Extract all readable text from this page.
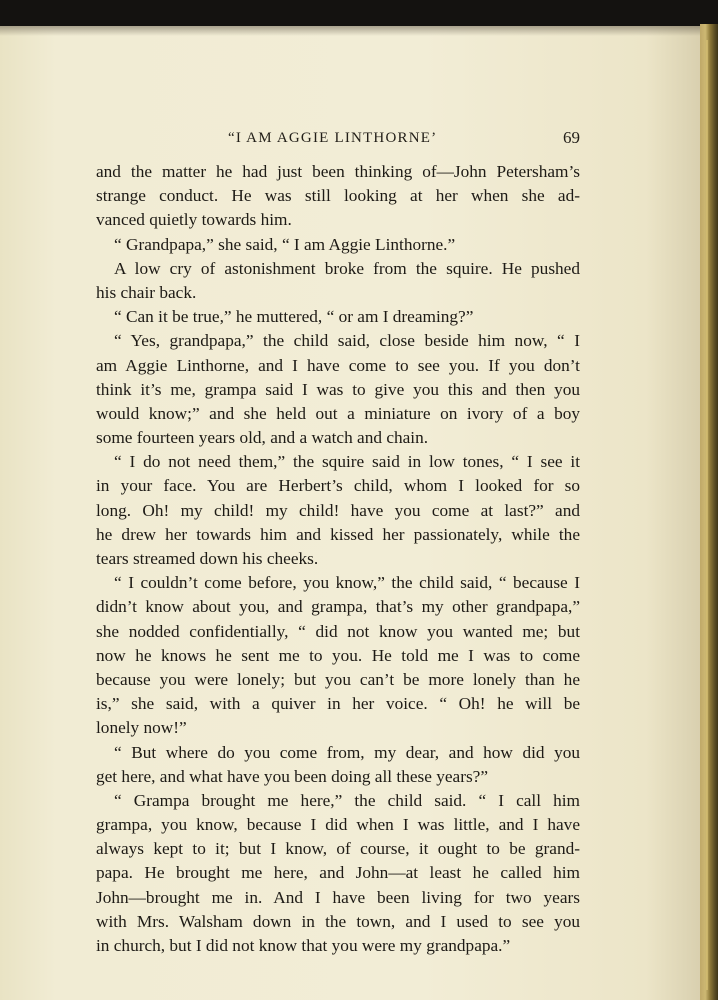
“I AM AGGIE LINTHORNE’	69
and the matter he had just been thinking of—John Petersham’s
strange conduct. He was still looking at her when she ad-
vanced quietly towards him.
“ Grandpapa,” she said, “ I am Aggie Linthorne.”
A low cry of astonishment broke from the squire. He pushed
his chair back.
“ Can it be true,” he muttered, “ or am I dreaming?”
“ Yes, grandpapa,” the child said, close beside him now, “ I
am Aggie Linthorne, and I have come to see you. If you don’t
think it’s me, grampa said I was to give you this and then you
would know;” and she held out a miniature on ivory of a boy
some fourteen years old, and a watch and chain.
“ I do not need them,” the squire said in low tones, “ I see it
in your face. You are Herbert’s child, whom I looked for so
long. Oh! my child! my child! have you come at last?” and
he drew her towards him and kissed her passionately, while the
tears streamed down his cheeks.
“ I couldn’t come before, you know,” the child said, “ because I
didn’t know about you, and grampa, that’s my other grandpapa,”
she nodded confidentially, “ did not know you wanted me; but
now he knows he sent me to you. He told me I was to come
because you were lonely; but you can’t be more lonely than he
is,” she said, with a quiver in her voice. “ Oh! he will be
lonely now!”
“ But where do you come from, my dear, and how did you
get here, and what have you been doing all these years?”
“ Grampa brought me here,” the child said. “ I call him
grampa, you know, because I did when I was little, and I have
always kept to it; but I know, of course, it ought to be grand-
papa. He brought me here, and John—at least he called him
John—brought me in. And I have been living for two years
with Mrs. Walsham down in the town, and I used to see you
in church, but I did not know that you were my grandpapa.”
